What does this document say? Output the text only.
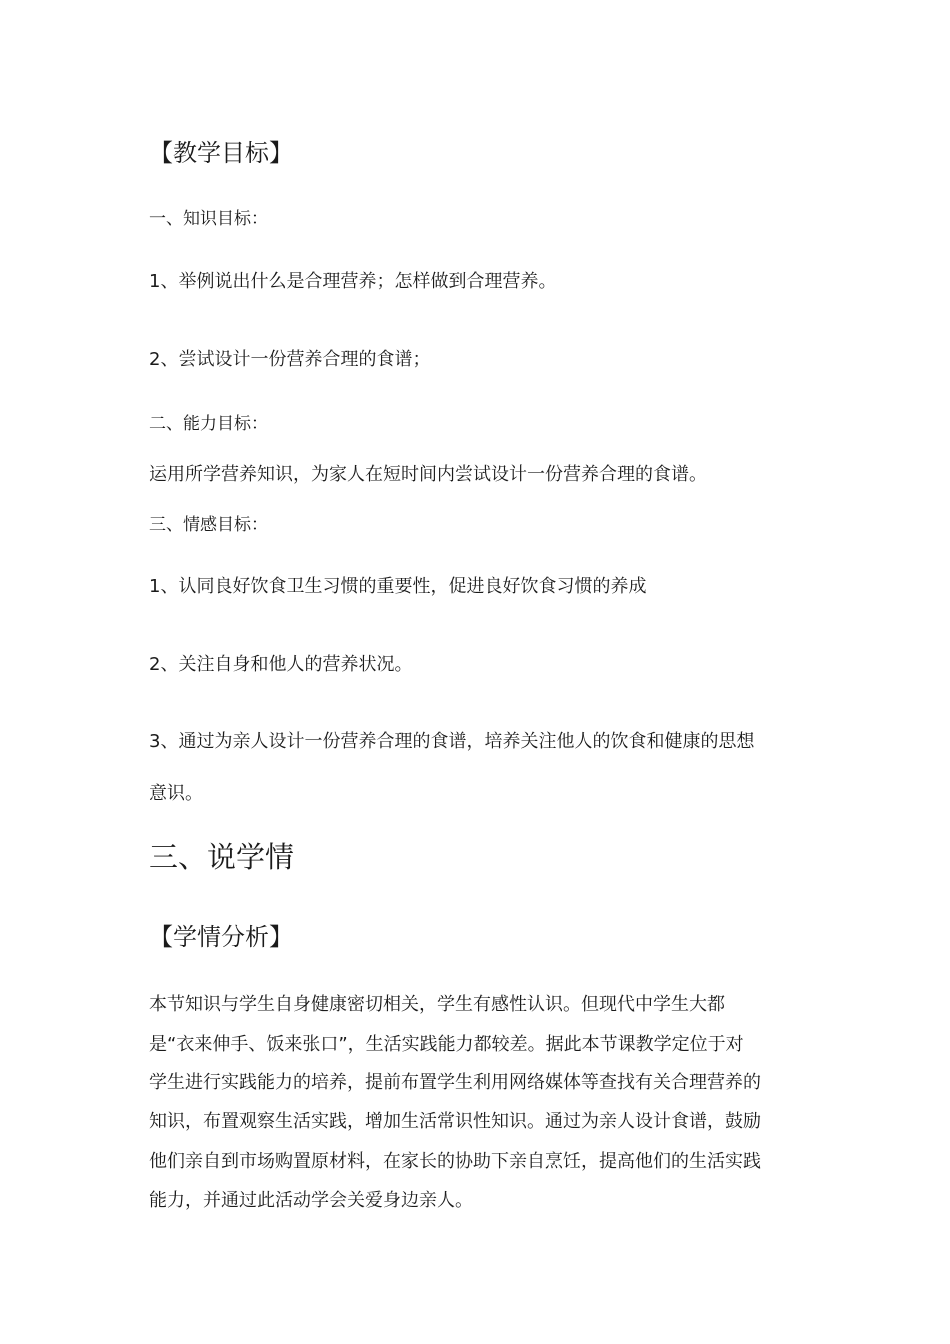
【教学目标】
一、知识目标：
1、举例说出什么是合理营养；怎样做到合理营养。
2、尝试设计一份营养合理的食谱；
二、能力目标：
运用所学营养知识，为家人在短时间内尝试设计一份营养合理的食谱。
三、情感目标：
1、认同良好饮食卫生习惯的重要性，促进良好饮食习惯的养成
2、关注自身和他人的营养状况。
3、通过为亲人设计一份营养合理的食谱，培养关注他人的饮食和健康的思想
意识。
三、说学情
【学情分析】
本节知识与学生自身健康密切相关，学生有感性认识。但现代中学生大都
是“衣来伸手、饭来张口”，生活实践能力都较差。据此本节课教学定位于对
学生进行实践能力的培养，提前布置学生利用网络媒体等查找有关合理营养的
知识，布置观察生活实践，增加生活常识性知识。通过为亲人设计食谱，鼓励
他们亲自到市场购置原材料，在家长的协助下亲自烹饪，提高他们的生活实践
能力，并通过此活动学会关爱身边亲人。
